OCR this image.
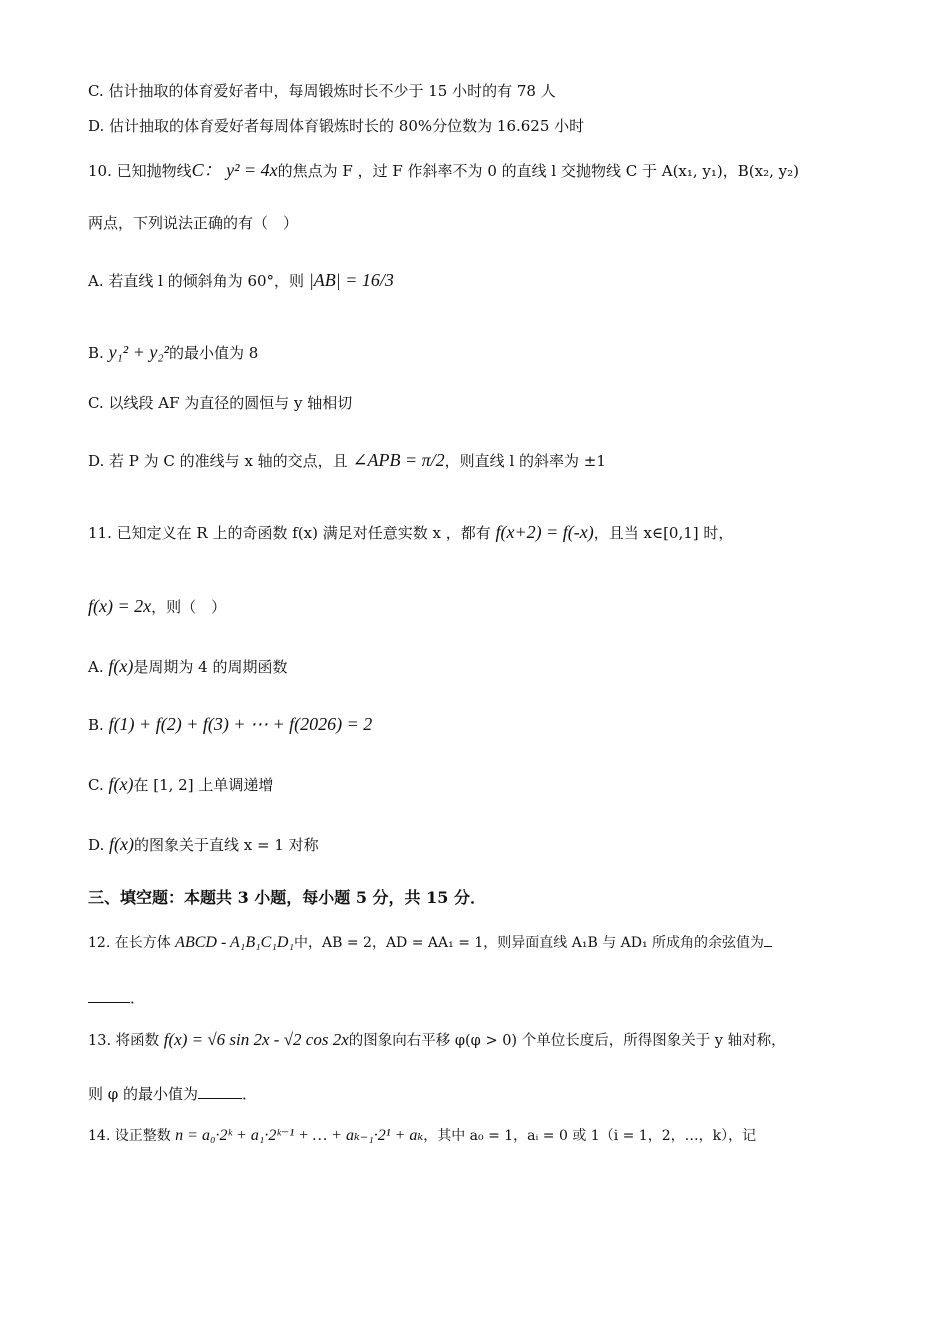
C. 估计抽取的体育爱好者中，每周锻炼时长不少于 15 小时的有 78 人
D. 估计抽取的体育爱好者每周体育锻炼时长的 80%分位数为 16.625 小时
10. 已知抛物线C： y² = 4x的焦点为 F ，过 F 作斜率不为 0 的直线 l 交抛物线 C 于 A(x₁, y₁)，B(x₂, y₂)
两点，下列说法正确的有（　）
A. 若直线 l 的倾斜角为 60°，则 |AB| = 16/3
B. y₁² + y₂²的最小值为 8
C. 以线段 AF 为直径的圆恒与 y 轴相切
D. 若 P 为 C 的准线与 x 轴的交点，且 ∠APB = π/2，则直线 l 的斜率为 ±1
11. 已知定义在 R 上的奇函数 f(x) 满足对任意实数 x ，都有 f(x+2) = f(-x)，且当 x∈[0,1] 时，
f(x) = 2x，则（　）
A. f(x)是周期为 4 的周期函数
B. f(1) + f(2) + f(3) + ⋯ + f(2026) = 2
C. f(x)在 [1, 2] 上单调递增
D. f(x)的图象关于直线 x = 1 对称
三、填空题：本题共 3 小题，每小题 5 分，共 15 分．
12. 在长方体 ABCD - A₁B₁C₁D₁中，AB = 2，AD = AA₁ = 1，则异面直线 A₁B 与 AD₁ 所成角的余弦值为
．
13. 将函数 f(x) = √6 sin 2x - √2 cos 2x的图象向右平移 φ(φ > 0) 个单位长度后，所得图象关于 y 轴对称，
则 φ 的最小值为	．
14. 设正整数 n = a₀·2ᵏ + a₁·2ᵏ⁻¹ + … + aₖ₋₁·2¹ + aₖ，其中 a₀ = 1，aᵢ = 0 或 1（i = 1，2，…，k），记
